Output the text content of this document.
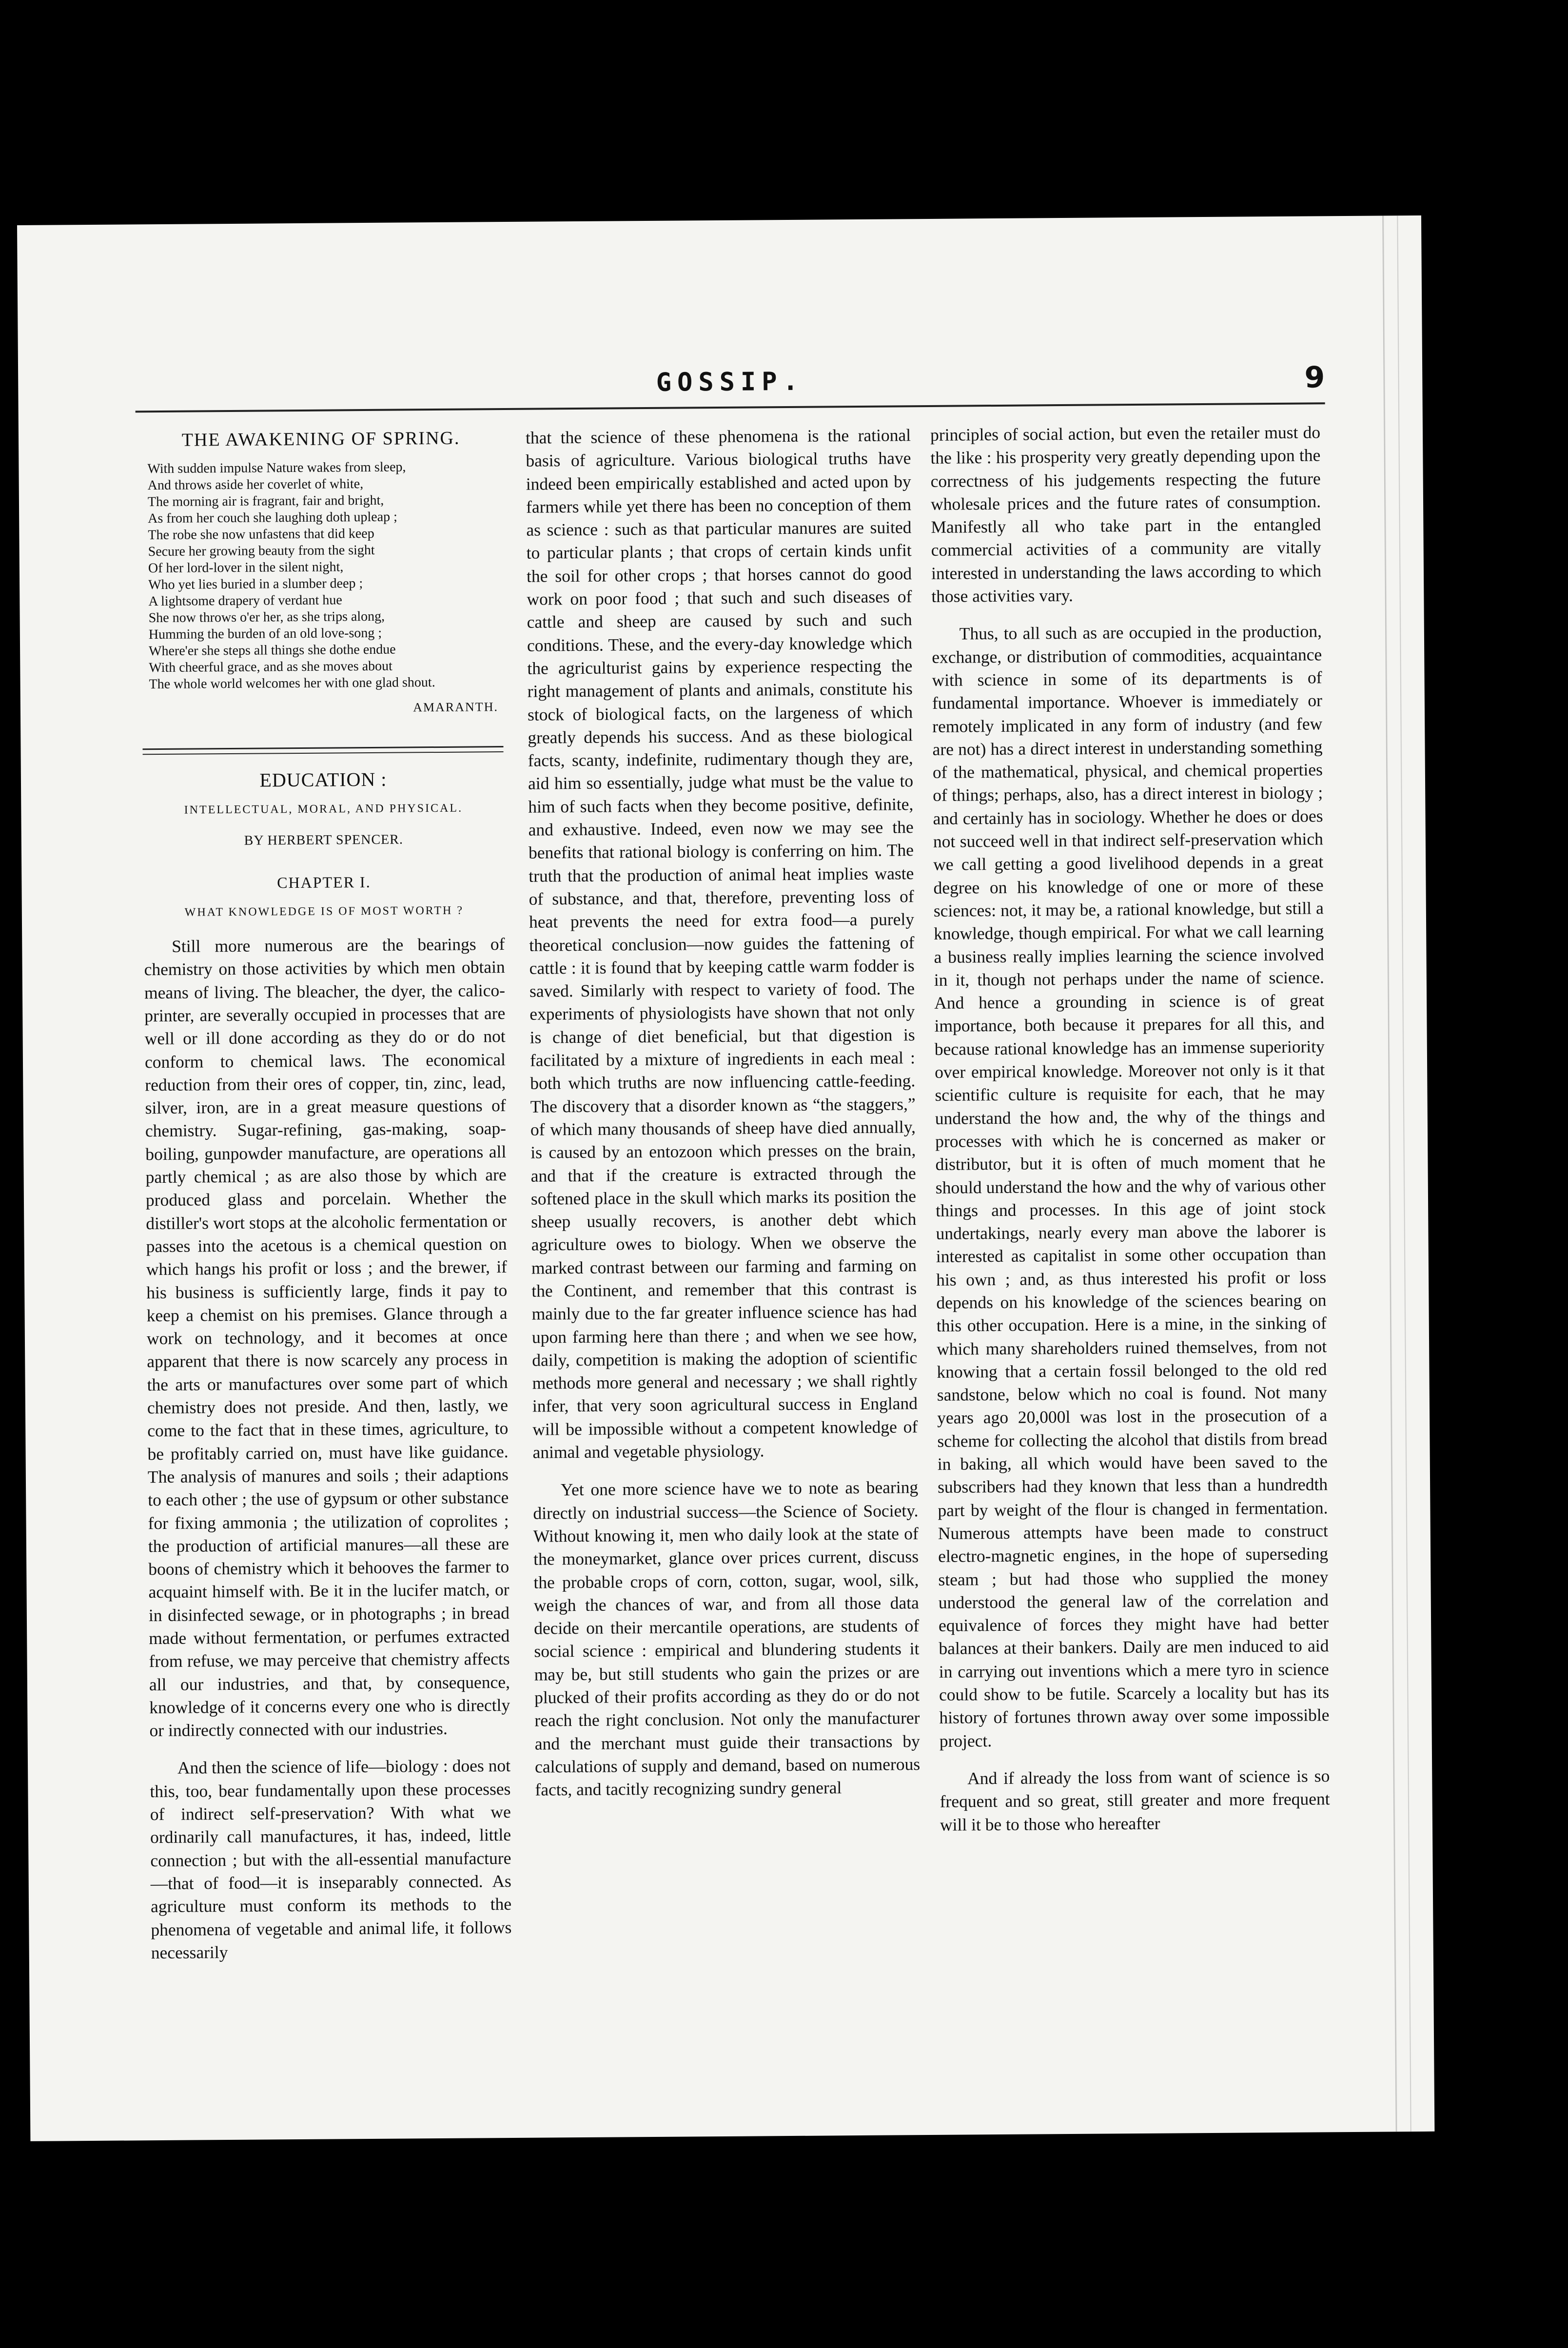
GOSSIP.	9
THE AWAKENING OF SPRING.
With sudden impulse Nature wakes from sleep,
And throws aside her coverlet of white,
The morning air is fragrant, fair and bright,
As from her couch she laughing doth upleap ;
The robe she now unfastens that did keep
Secure her growing beauty from the sight
Of her lord-lover in the silent night,
Who yet lies buried in a slumber deep ;
A lightsome drapery of verdant hue
She now throws o'er her, as she trips along,
Humming the burden of an old love-song ;
Where'er she steps all things she dothe endue
With cheerful grace, and as she moves about
The whole world welcomes her with one glad shout.
AMARANTH.
EDUCATION :
INTELLECTUAL, MORAL, AND PHYSICAL.
BY HERBERT SPENCER.
CHAPTER I.
WHAT KNOWLEDGE IS OF MOST WORTH ?

Still more numerous are the bearings of chemistry on those activities by which men obtain means of living. The bleacher, the dyer, the calico-printer, are severally occupied in processes that are well or ill done according as they do or do not conform to chemical laws. The economical reduction from their ores of copper, tin, zinc, lead, silver, iron, are in a great measure questions of chemistry. Sugar-refining, gas-making, soap-boiling, gunpowder manufacture, are operations all partly chemical ; as are also those by which are produced glass and porcelain. Whether the distiller's wort stops at the alcoholic fermentation or passes into the acetous is a chemical question on which hangs his profit or loss ; and the brewer, if his business is sufficiently large, finds it pay to keep a chemist on his premises. Glance through a work on technology, and it becomes at once apparent that there is now scarcely any process in the arts or manufactures over some part of which chemistry does not preside. And then, lastly, we come to the fact that in these times, agriculture, to be profitably carried on, must have like guidance. The analysis of manures and soils ; their adaptions to each other ; the use of gypsum or other substance for fixing ammonia ; the utilization of coprolites ; the production of artificial manures—all these are boons of chemistry which it behooves the farmer to acquaint himself with. Be it in the lucifer match, or in disinfected sewage, or in photographs ; in bread made without fermentation, or perfumes extracted from refuse, we may perceive that chemistry affects all our industries, and that, by consequence, knowledge of it concerns every one who is directly or indirectly connected with our industries.

And then the science of life—biology : does not this, too, bear fundamentally upon these processes of indirect self-preservation? With what we ordinarily call manufactures, it has, indeed, little connection ; but with the all-essential manufacture—that of food—it is inseparably connected. As agriculture must conform its methods to the phenomena of vegetable and animal life, it follows necessarily

that the science of these phenomena is the rational basis of agriculture. Various biological truths have indeed been empirically established and acted upon by farmers while yet there has been no conception of them as science : such as that particular manures are suited to particular plants ; that crops of certain kinds unfit the soil for other crops ; that horses cannot do good work on poor food ; that such and such diseases of cattle and sheep are caused by such and such conditions. These, and the every-day knowledge which the agriculturist gains by experience respecting the right management of plants and animals, constitute his stock of biological facts, on the largeness of which greatly depends his success. And as these biological facts, scanty, indefinite, rudimentary though they are, aid him so essentially, judge what must be the value to him of such facts when they become positive, definite, and exhaustive. Indeed, even now we may see the benefits that rational biology is conferring on him. The truth that the production of animal heat implies waste of substance, and that, therefore, preventing loss of heat prevents the need for extra food—a purely theoretical conclusion—now guides the fattening of cattle : it is found that by keeping cattle warm fodder is saved. Similarly with respect to variety of food. The experiments of physiologists have shown that not only is change of diet beneficial, but that digestion is facilitated by a mixture of ingredients in each meal : both which truths are now influencing cattle-feeding. The discovery that a disorder known as “the staggers,” of which many thousands of sheep have died annually, is caused by an entozoon which presses on the brain, and that if the creature is extracted through the softened place in the skull which marks its position the sheep usually recovers, is another debt which agriculture owes to biology. When we observe the marked contrast between our farming and farming on the Continent, and remember that this contrast is mainly due to the far greater influence science has had upon farming here than there ; and when we see how, daily, competition is making the adoption of scientific methods more general and necessary ; we shall rightly infer, that very soon agricultural success in England will be impossible without a competent knowledge of animal and vegetable physiology.

Yet one more science have we to note as bearing directly on industrial success—the Science of Society. Without knowing it, men who daily look at the state of the moneymarket, glance over prices current, discuss the probable crops of corn, cotton, sugar, wool, silk, weigh the chances of war, and from all those data decide on their mercantile operations, are students of social science : empirical and blundering students it may be, but still students who gain the prizes or are plucked of their profits according as they do or do not reach the right conclusion. Not only the manufacturer and the merchant must guide their transactions by calculations of supply and demand, based on numerous facts, and tacitly recognizing sundry general

principles of social action, but even the retailer must do the like : his prosperity very greatly depending upon the correctness of his judgements respecting the future wholesale prices and the future rates of consumption. Manifestly all who take part in the entangled commercial activities of a community are vitally interested in understanding the laws according to which those activities vary.

Thus, to all such as are occupied in the production, exchange, or distribution of commodities, acquaintance with science in some of its departments is of fundamental importance. Whoever is immediately or remotely implicated in any form of industry (and few are not) has a direct interest in understanding something of the mathematical, physical, and chemical properties of things; perhaps, also, has a direct interest in biology ; and certainly has in sociology. Whether he does or does not succeed well in that indirect self-preservation which we call getting a good livelihood depends in a great degree on his knowledge of one or more of these sciences: not, it may be, a rational knowledge, but still a knowledge, though empirical. For what we call learning a business really implies learning the science involved in it, though not perhaps under the name of science. And hence a grounding in science is of great importance, both because it prepares for all this, and because rational knowledge has an immense superiority over empirical knowledge. Moreover not only is it that scientific culture is requisite for each, that he may understand the how and, the why of the things and processes with which he is concerned as maker or distributor, but it is often of much moment that he should understand the how and the why of various other things and processes. In this age of joint stock undertakings, nearly every man above the laborer is interested as capitalist in some other occupation than his own ; and, as thus interested his profit or loss depends on his knowledge of the sciences bearing on this other occupation. Here is a mine, in the sinking of which many shareholders ruined themselves, from not knowing that a certain fossil belonged to the old red sandstone, below which no coal is found. Not many years ago 20,000l was lost in the prosecution of a scheme for collecting the alcohol that distils from bread in baking, all which would have been saved to the subscribers had they known that less than a hundredth part by weight of the flour is changed in fermentation. Numerous attempts have been made to construct electro-magnetic engines, in the hope of superseding steam ; but had those who supplied the money understood the general law of the correlation and equivalence of forces they might have had better balances at their bankers. Daily are men induced to aid in carrying out inventions which a mere tyro in science could show to be futile. Scarcely a locality but has its history of fortunes thrown away over some impossible project.

And if already the loss from want of science is so frequent and so great, still greater and more frequent will it be to those who hereafter
